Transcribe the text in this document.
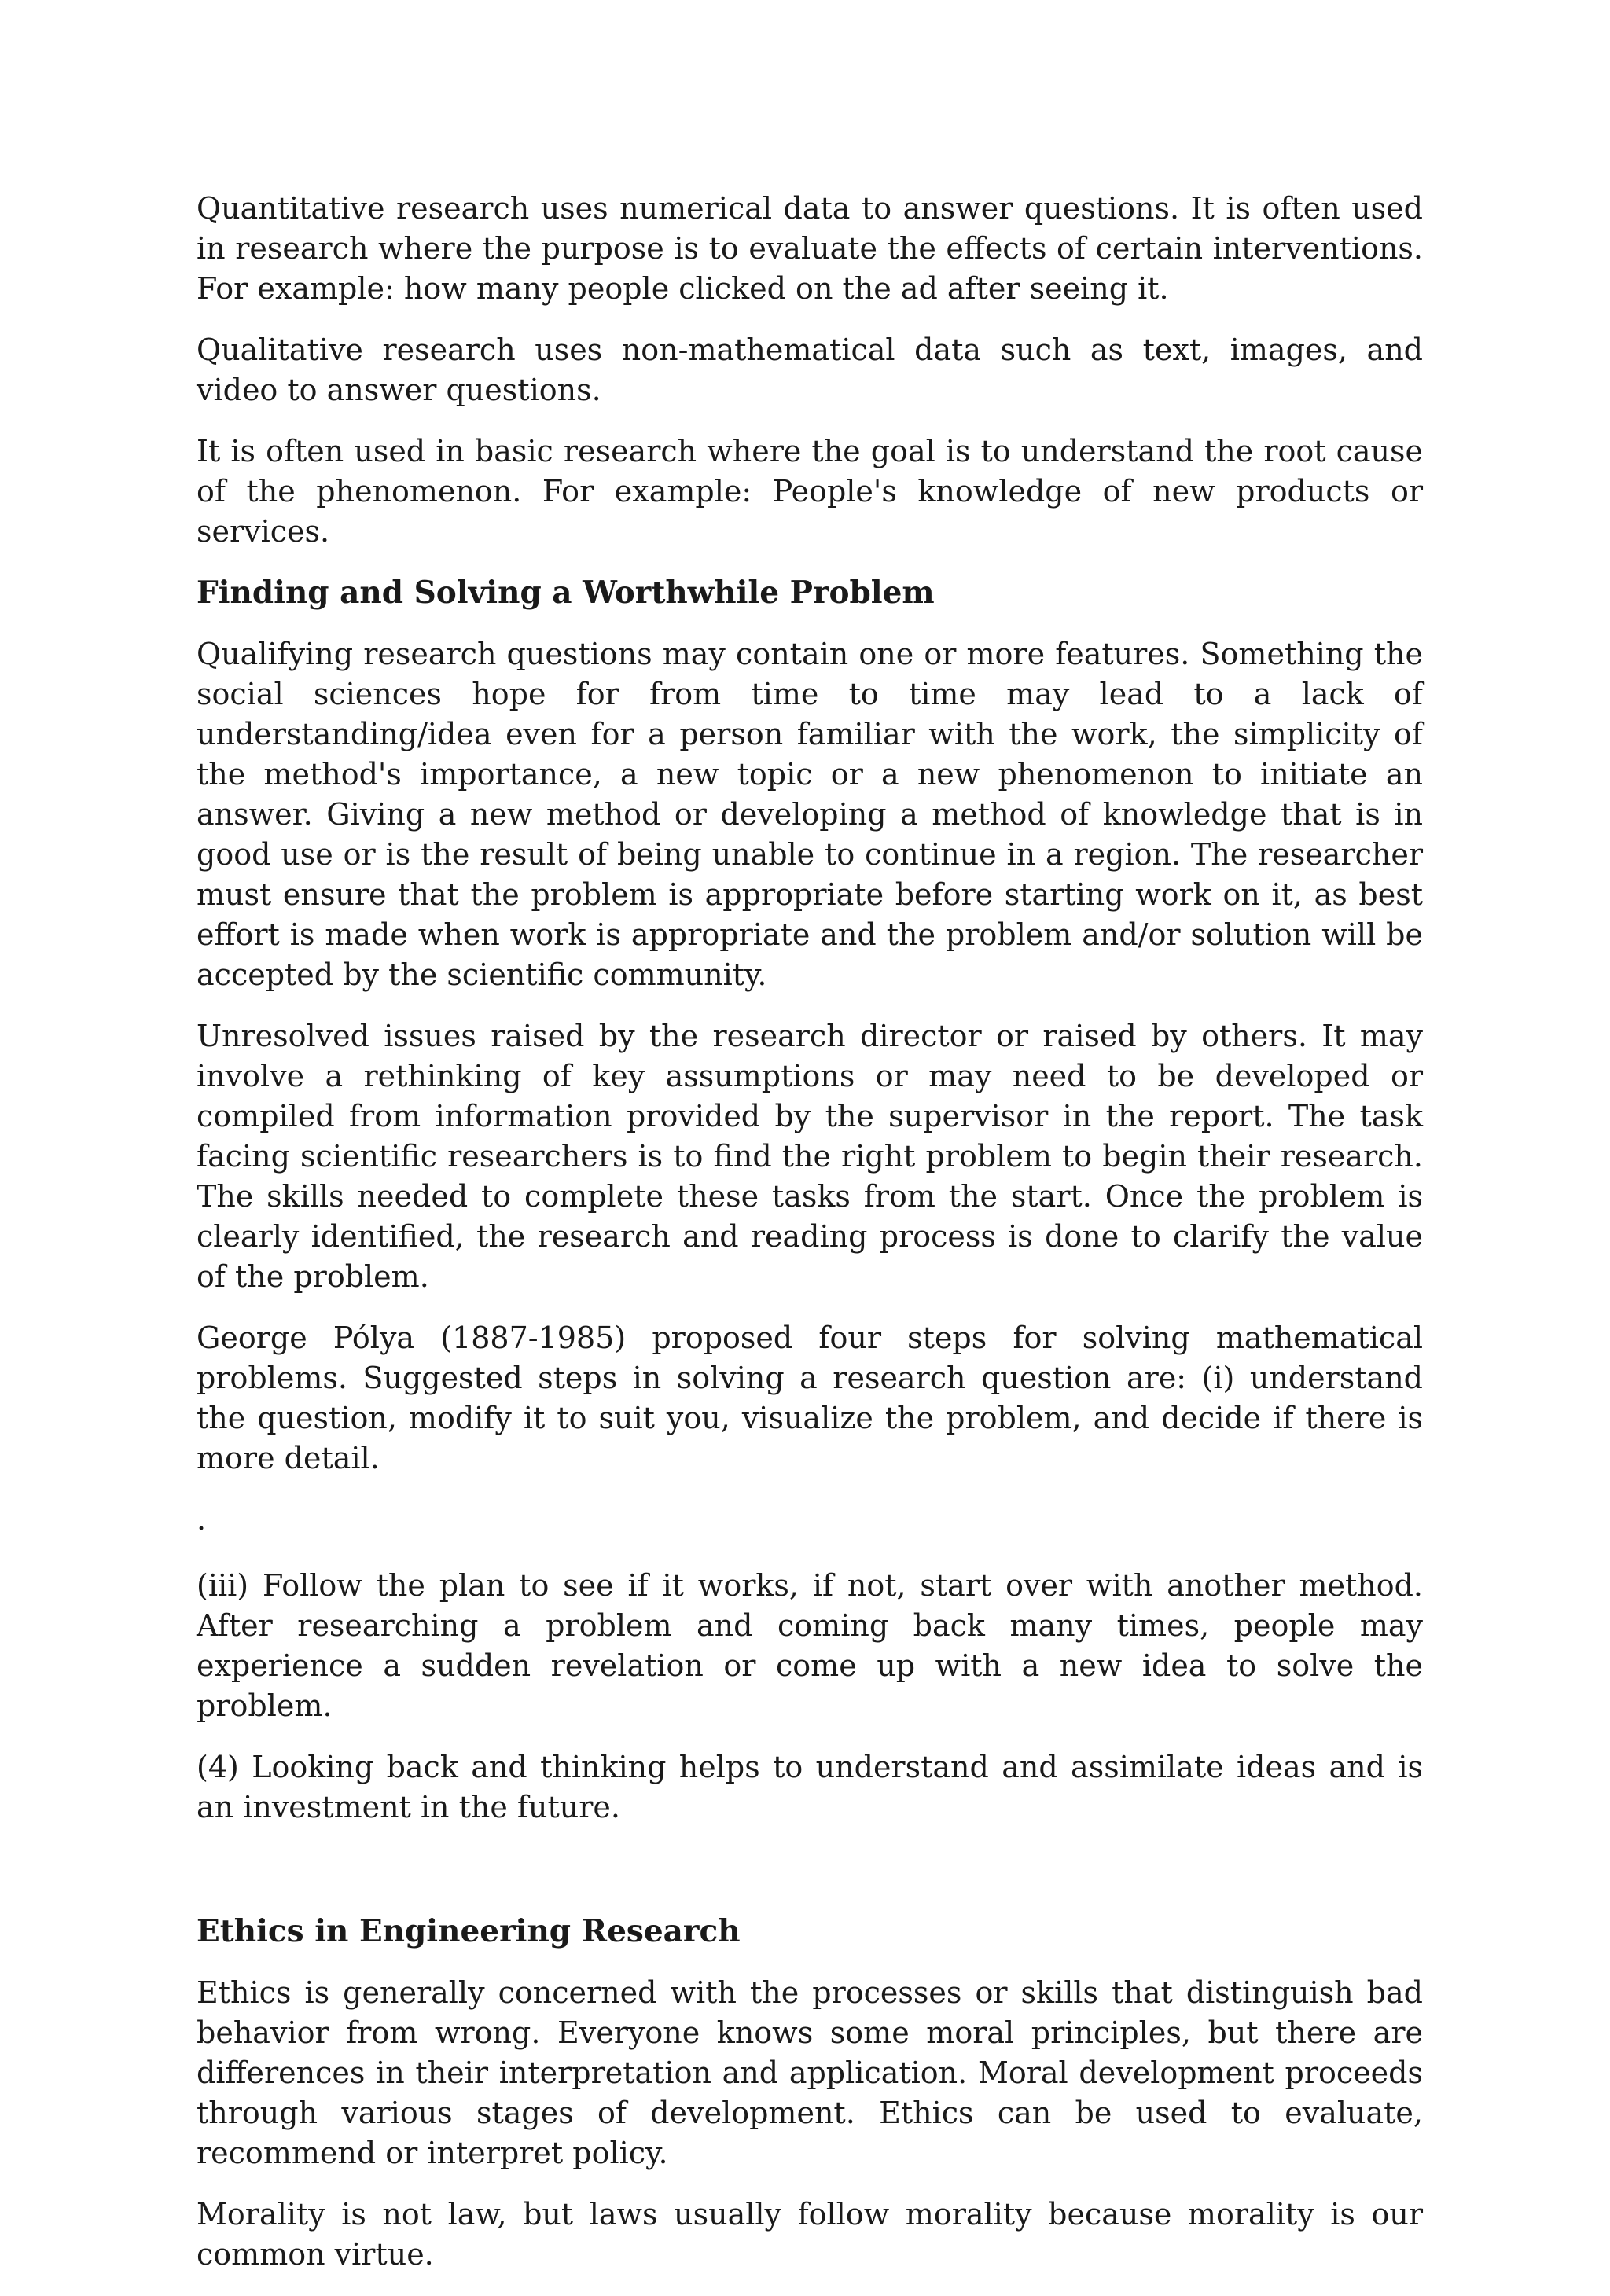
Quantitative research uses numerical data to answer questions. It is often used in research where the purpose is to evaluate the effects of certain interventions. For example: how many people clicked on the ad after seeing it.

Qualitative research uses non-mathematical data such as text, images, and video to answer questions.

It is often used in basic research where the goal is to understand the root cause of the phenomenon. For example: People's knowledge of new products or services.

Finding and Solving a Worthwhile Problem

Qualifying research questions may contain one or more features. Something the social sciences hope for from time to time may lead to a lack of understanding/idea even for a person familiar with the work, the simplicity of the method's importance, a new topic or a new phenomenon to initiate an answer. Giving a new method or developing a method of knowledge that is in good use or is the result of being unable to continue in a region. The researcher must ensure that the problem is appropriate before starting work on it, as best effort is made when work is appropriate and the problem and/or solution will be accepted by the scientific community.

Unresolved issues raised by the research director or raised by others. It may involve a rethinking of key assumptions or may need to be developed or compiled from information provided by the supervisor in the report. The task facing scientific researchers is to find the right problem to begin their research. The skills needed to complete these tasks from the start. Once the problem is clearly identified, the research and reading process is done to clarify the value of the problem.

George Pólya (1887-1985) proposed four steps for solving mathematical problems. Suggested steps in solving a research question are: (i) understand the question, modify it to suit you, visualize the problem, and decide if there is more detail.

.

(iii) Follow the plan to see if it works, if not, start over with another method. After researching a problem and coming back many times, people may experience a sudden revelation or come up with a new idea to solve the problem.

(4) Looking back and thinking helps to understand and assimilate ideas and is an investment in the future.

Ethics in Engineering Research

Ethics is generally concerned with the processes or skills that distinguish bad behavior from wrong. Everyone knows some moral principles, but there are differences in their interpretation and application. Moral development proceeds through various stages of development. Ethics can be used to evaluate, recommend or interpret policy.

Morality is not law, but laws usually follow morality because morality is our common virtue.
